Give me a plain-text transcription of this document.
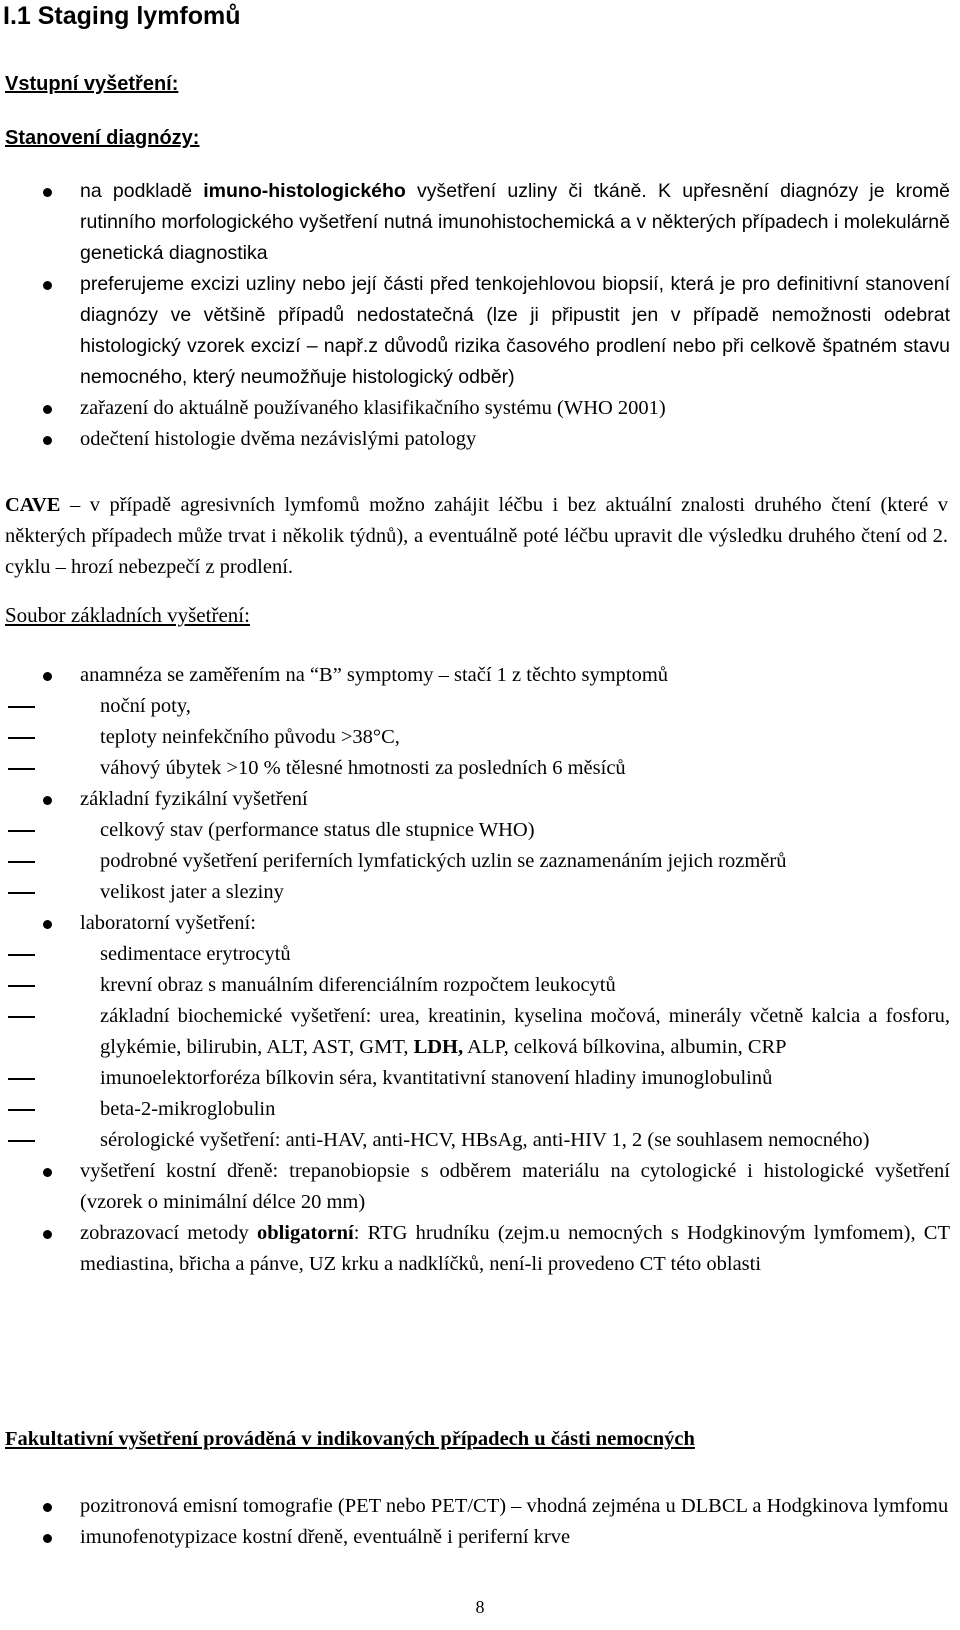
I.1 Staging lymfomů
Vstupní vyšetření:
Stanovení diagnózy:
na podkladě imuno-histologického vyšetření uzliny či tkáně. K upřesnění diagnózy je kromě rutinního morfologického vyšetření nutná imunohistochemická a v některých případech i molekulárně genetická diagnostika
preferujeme excizi uzliny nebo její části před tenkojehlovou biopsií, která je pro definitivní stanovení diagnózy ve většině případů nedostatečná (lze ji připustit jen v případě nemožnosti odebrat histologický vzorek excizí – např.z důvodů rizika časového prodlení nebo při celkově špatném stavu nemocného, který neumožňuje histologický odběr)
zařazení do aktuálně používaného klasifikačního systému (WHO 2001)
odečtení histologie dvěma nezávislými patology
CAVE – v případě agresivních lymfomů možno zahájit léčbu i bez aktuální znalosti druhého čtení (které v některých případech může trvat i několik týdnů), a eventuálně poté léčbu upravit dle výsledku druhého čtení od 2. cyklu – hrozí nebezpečí z prodlení.
Soubor základních vyšetření:
anamnéza se zaměřením na “B” symptomy – stačí 1 z těchto symptomů
noční poty,
teploty neinfekčního původu >38°C,
váhový úbytek >10 % tělesné hmotnosti za posledních 6 měsíců
základní fyzikální vyšetření
celkový stav (performance status dle stupnice WHO)
podrobné vyšetření periferních lymfatických uzlin se zaznamenáním jejich rozměrů
velikost jater a sleziny
laboratorní vyšetření:
sedimentace erytrocytů
krevní obraz s manuálním diferenciálním rozpočtem leukocytů
základní biochemické vyšetření: urea, kreatinin, kyselina močová, minerály včetně kalcia a fosforu, glykémie, bilirubin, ALT, AST, GMT, LDH, ALP, celková bílkovina, albumin, CRP
imunoelektorforéza bílkovin séra, kvantitativní stanovení hladiny imunoglobulinů
beta-2-mikroglobulin
sérologické vyšetření: anti-HAV, anti-HCV, HBsAg, anti-HIV 1, 2 (se souhlasem nemocného)
vyšetření kostní dřeně: trepanobiopsie s odběrem materiálu na cytologické i histologické vyšetření (vzorek o minimální délce 20 mm)
zobrazovací metody obligatorní: RTG hrudníku (zejm.u nemocných s Hodgkinovým lymfomem), CT mediastina, břicha a pánve, UZ krku a nadklíčků, není-li provedeno CT této oblasti
Fakultativní vyšetření prováděná v indikovaných případech u části nemocných
pozitronová emisní tomografie (PET nebo PET/CT) – vhodná zejména u DLBCL a Hodgkinova lymfomu
imunofenotypizace kostní dřeně, eventuálně i periferní krve
8
